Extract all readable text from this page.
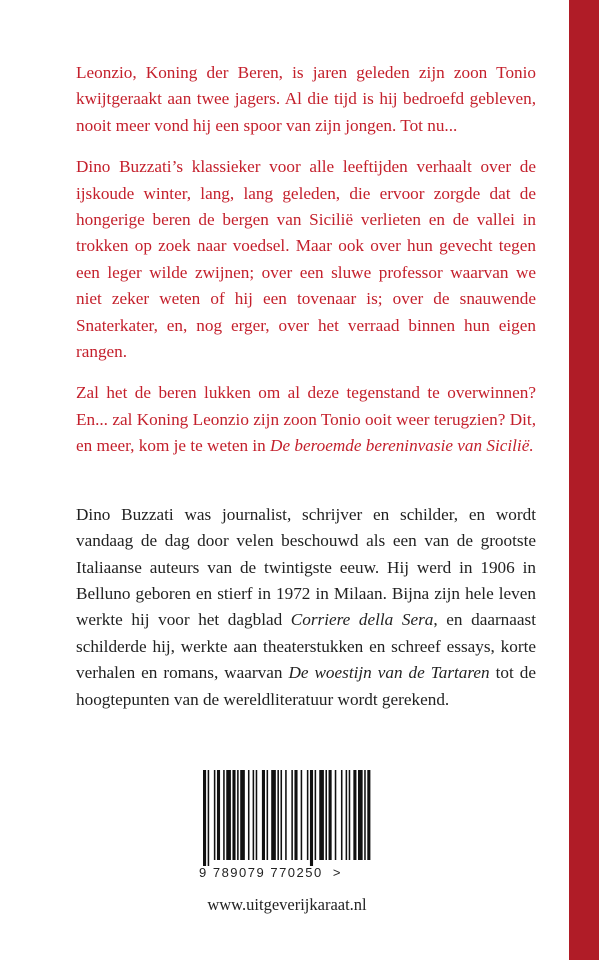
Leonzio, Koning der Beren, is jaren geleden zijn zoon Tonio kwijtgeraakt aan twee jagers. Al die tijd is hij bedroefd gebleven, nooit meer vond hij een spoor van zijn jongen. Tot nu...

Dino Buzzati’s klassieker voor alle leeftijden verhaalt over de ijskoude winter, lang, lang geleden, die ervoor zorgde dat de hongerige beren de bergen van Sicilië verlieten en de vallei in trokken op zoek naar voedsel. Maar ook over hun gevecht tegen een leger wilde zwijnen; over een sluwe professor waarvan we niet zeker weten of hij een tovenaar is; over de snauwende Snaterkater, en, nog erger, over het verraad binnen hun eigen rangen.

Zal het de beren lukken om al deze tegenstand te overwinnen? En... zal Koning Leonzio zijn zoon Tonio ooit weer terugzien? Dit, en meer, kom je te weten in De beroemde bereninvasie van Sicilië.

Dino Buzzati was journalist, schrijver en schilder, en wordt vandaag de dag door velen beschouwd als een van de grootste Italiaanse auteurs van de twintigste eeuw. Hij werd in 1906 in Belluno geboren en stierf in 1972 in Milaan. Bijna zijn hele leven werkte hij voor het dagblad Corriere della Sera, en daarnaast schilderde hij, werkte aan theaterstukken en schreef essays, korte verhalen en romans, waarvan De woestijn van de Tartaren tot de hoogtepunten van de wereldliteratuur wordt gerekend.

9 789079 770250  >
www.uitgeverijkaraat.nl
